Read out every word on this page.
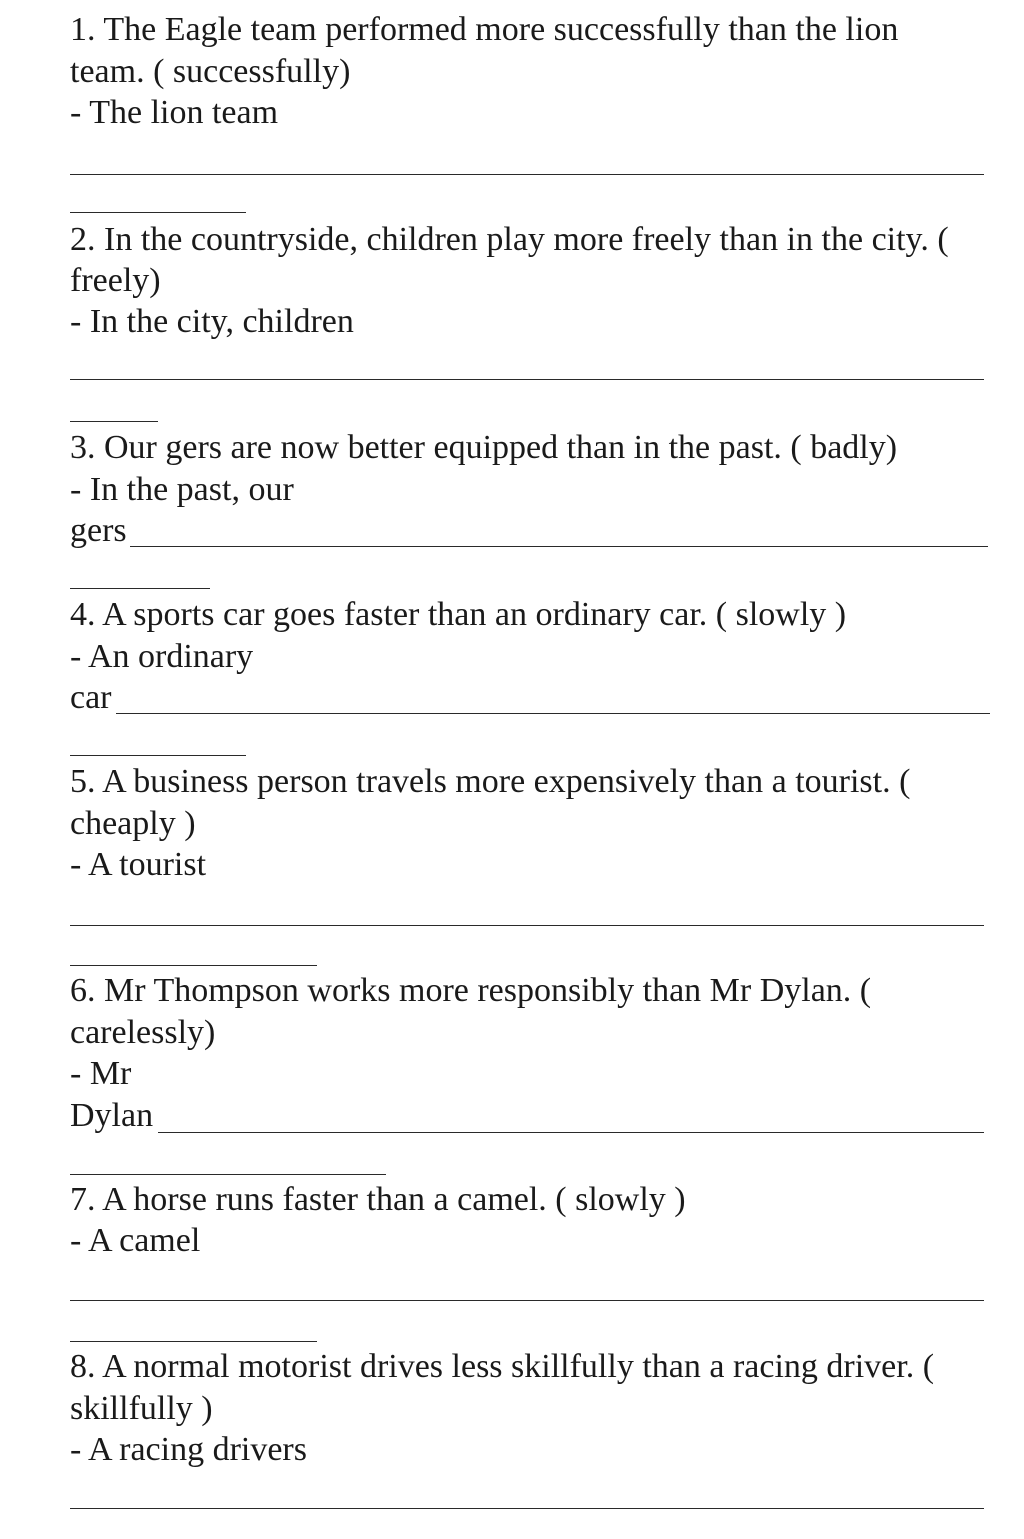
1. The Eagle team performed more successfully than the lion
team. ( successfully)
- The lion team
2. In the countryside, children play more freely than in the city. (
freely)
- In the city, children
3. Our gers are now better equipped than in the past. ( badly)
- In the past, our
gers
4. A sports car goes faster than an ordinary car. ( slowly )
- An ordinary
car
5. A business person travels more expensively than a tourist. (
cheaply )
- A tourist
6. Mr Thompson works more responsibly than Mr Dylan. (
carelessly)
- Mr
Dylan
7. A horse runs faster than a camel. ( slowly )
- A camel
8. A normal motorist drives less skillfully than a racing driver. (
skillfully )
- A racing drivers
